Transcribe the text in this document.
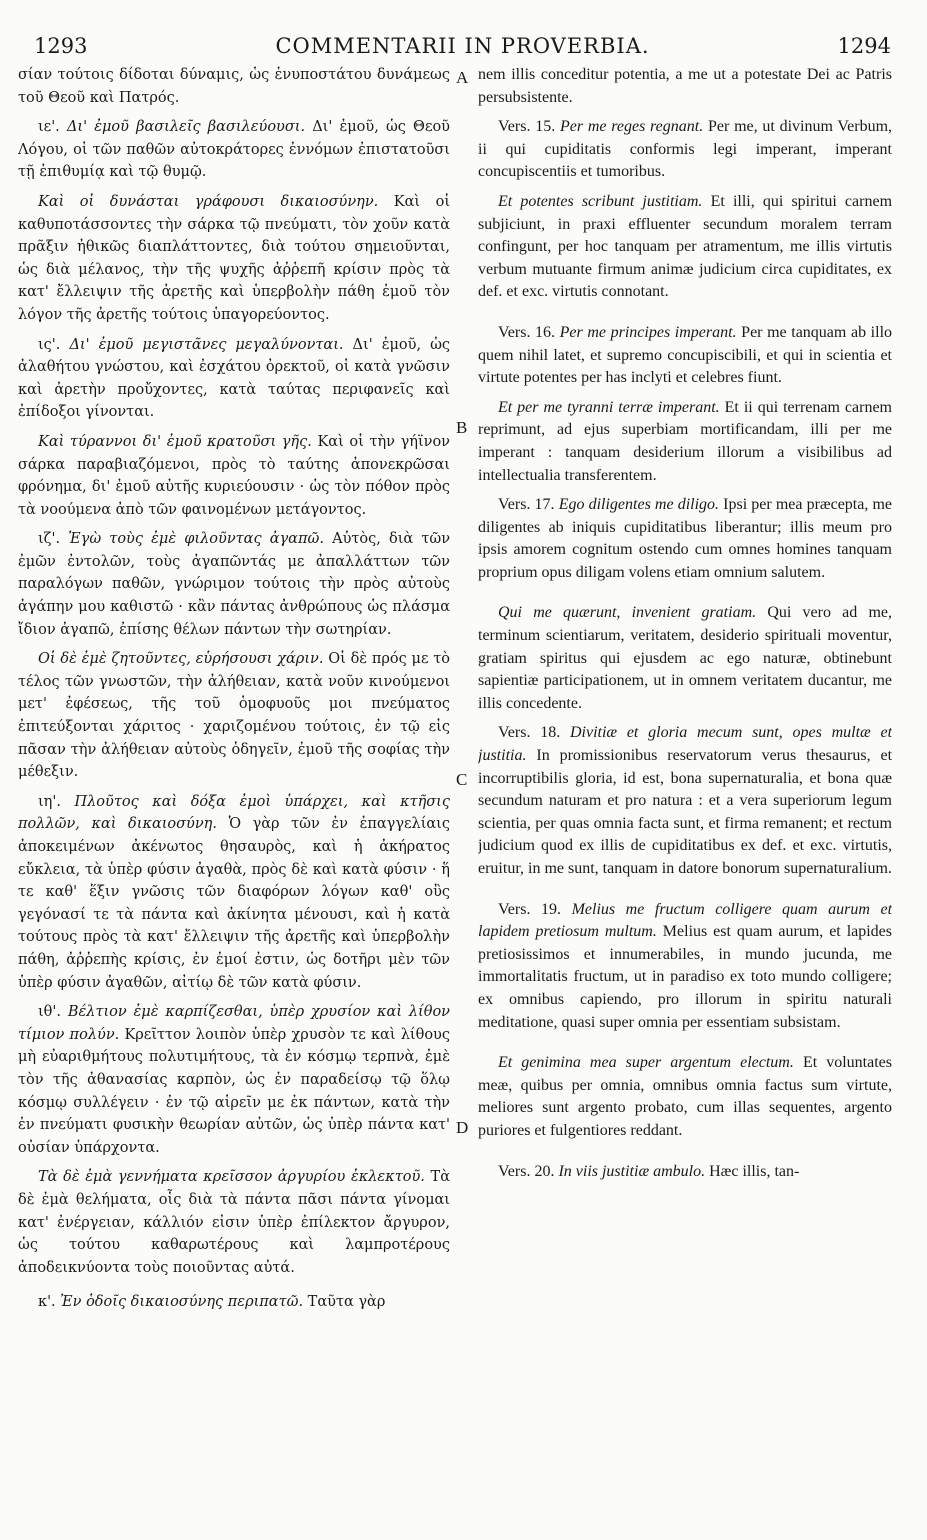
1293	COMMENTARII IN PROVERBIA.	1294
A
B
C
D

σίαν τούτοις δίδοται δύναμις, ὡς ἐνυποστάτου δυνάμεως τοῦ Θεοῦ καὶ Πατρός.

ιε'. Δι' ἐμοῦ βασιλεῖς βασιλεύουσι. Δι' ἐμοῦ, ὡς Θεοῦ Λόγου, οἱ τῶν παθῶν αὐτοκράτορες ἐννόμων ἐπιστατοῦσι τῇ ἐπιθυμίᾳ καὶ τῷ θυμῷ.

Καὶ οἱ δυνάσται γράφουσι δικαιοσύνην. Καὶ οἱ καθυποτάσσοντες τὴν σάρκα τῷ πνεύματι, τὸν χοῦν κατὰ πρᾶξιν ἠθικῶς διαπλάττοντες, διὰ τούτου σημειοῦνται, ὡς διὰ μέλανος, τὴν τῆς ψυχῆς ἀῤῥεπῆ κρίσιν πρὸς τὰ κατ' ἔλλειψιν τῆς ἀρετῆς καὶ ὑπερβολὴν πάθη ἐμοῦ τὸν λόγον τῆς ἀρετῆς τούτοις ὑπαγορεύοντος.

ις'. Δι' ἐμοῦ μεγιστᾶνες μεγαλύνονται. Δι' ἐμοῦ, ὡς ἀλαθήτου γνώστου, καὶ ἐσχάτου ὀρεκτοῦ, οἱ κατὰ γνῶσιν καὶ ἀρετὴν προὔχοντες, κατὰ ταύτας περιφανεῖς καὶ ἐπίδοξοι γίνονται.

Καὶ τύραννοι δι' ἐμοῦ κρατοῦσι γῆς. Καὶ οἱ τὴν γήϊνον σάρκα παραβιαζόμενοι, πρὸς τὸ ταύτης ἀπονεκρῶσαι φρόνημα, δι' ἐμοῦ αὐτῆς κυριεύουσιν · ὡς τὸν πόθον πρὸς τὰ νοούμενα ἀπὸ τῶν φαινομένων μετάγοντος.

ιζ'. Ἐγὼ τοὺς ἐμὲ φιλοῦντας ἀγαπῶ. Αὐτὸς, διὰ τῶν ἐμῶν ἐντολῶν, τοὺς ἀγαπῶντάς με ἀπαλλάττων τῶν παραλόγων παθῶν, γνώριμον τούτοις τὴν πρὸς αὐτοὺς ἀγάπην μου καθιστῶ · κἂν πάντας ἀνθρώπους ὡς πλάσμα ἴδιον ἀγαπῶ, ἐπίσης θέλων πάντων τὴν σωτηρίαν.

Οἱ δὲ ἐμὲ ζητοῦντες, εὑρήσουσι χάριν. Οἱ δὲ πρός με τὸ τέλος τῶν γνωστῶν, τὴν ἀλήθειαν, κατὰ νοῦν κινούμενοι μετ' ἐφέσεως, τῆς τοῦ ὁμοφυοῦς μοι πνεύματος ἐπιτεύξονται χάριτος · χαριζομένου τούτοις, ἐν τῷ εἰς πᾶσαν τὴν ἀλήθειαν αὐτοὺς ὁδηγεῖν, ἐμοῦ τῆς σοφίας τὴν μέθεξιν.

ιη'. Πλοῦτος καὶ δόξα ἐμοὶ ὑπάρχει, καὶ κτῆσις πολλῶν, καὶ δικαιοσύνη. Ὁ γὰρ τῶν ἐν ἐπαγγελίαις ἀποκειμένων ἀκένωτος θησαυρὸς, καὶ ἡ ἀκήρατος εὔκλεια, τὰ ὑπὲρ φύσιν ἀγαθὰ, πρὸς δὲ καὶ κατὰ φύσιν · ἥ τε καθ' ἕξιν γνῶσις τῶν διαφόρων λόγων καθ' οὓς γεγόνασί τε τὰ πάντα καὶ ἀκίνητα μένουσι, καὶ ἡ κατὰ τούτους πρὸς τὰ κατ' ἔλλειψιν τῆς ἀρετῆς καὶ ὑπερβολὴν πάθη, ἀῤῥεπὴς κρίσις, ἐν ἐμοί ἐστιν, ὡς δοτῆρι μὲν τῶν ὑπὲρ φύσιν ἀγαθῶν, αἰτίῳ δὲ τῶν κατὰ φύσιν.

ιθ'. Βέλτιον ἐμὲ καρπίζεσθαι, ὑπὲρ χρυσίον καὶ λίθον τίμιον πολύν. Κρεῖττον λοιπὸν ὑπὲρ χρυσὸν τε καὶ λίθους μὴ εὐαριθμήτους πολυτιμήτους, τὰ ἐν κόσμῳ τερπνὰ, ἐμὲ τὸν τῆς ἀθανασίας καρπὸν, ὡς ἐν παραδείσῳ τῷ ὅλῳ κόσμῳ συλλέγειν · ἐν τῷ αἱρεῖν με ἐκ πάντων, κατὰ τὴν ἐν πνεύματι φυσικὴν θεωρίαν αὐτῶν, ὡς ὑπὲρ πάντα κατ' οὐσίαν ὑπάρχοντα.

Τὰ δὲ ἐμὰ γεννήματα κρεῖσσον ἀργυρίου ἐκλεκτοῦ. Τὰ δὲ ἐμὰ θελήματα, οἷς διὰ τὰ πάντα πᾶσι πάντα γίνομαι κατ' ἐνέργειαν, κάλλιόν εἰσιν ὑπὲρ ἐπίλεκτον ἄργυρον, ὡς τούτου καθαρωτέρους καὶ λαμπροτέρους ἀποδεικνύοντα τοὺς ποιοῦντας αὐτά.

κ'. Ἐν ὁδοῖς δικαιοσύνης περιπατῶ. Ταῦτα γὰρ

nem illis conceditur potentia, a me ut a potestate Dei ac Patris persubsistente.

Vers. 15. Per me reges regnant. Per me, ut divinum Verbum, ii qui cupiditatis conformis legi imperant, imperant concupiscentiis et tumoribus.

Et potentes scribunt justitiam. Et illi, qui spiritui carnem subjiciunt, in praxi effluenter secundum moralem terram confingunt, per hoc tanquam per atramentum, me illis virtutis verbum mutuante firmum animæ judicium circa cupiditates, ex def. et exc. virtutis connotant.

Vers. 16. Per me principes imperant. Per me tanquam ab illo quem nihil latet, et supremo concupiscibili, et qui in scientia et virtute potentes per has inclyti et celebres fiunt.

Et per me tyranni terræ imperant. Et ii qui terrenam carnem reprimunt, ad ejus superbiam mortificandam, illi per me imperant : tanquam desiderium illorum a visibilibus ad intellectualia transferentem.

Vers. 17. Ego diligentes me diligo. Ipsi per mea præcepta, me diligentes ab iniquis cupiditatibus liberantur; illis meum pro ipsis amorem cognitum ostendo cum omnes homines tanquam proprium opus diligam volens etiam omnium salutem.

Qui me quærunt, invenient gratiam. Qui vero ad me, terminum scientiarum, veritatem, desiderio spirituali moventur, gratiam spiritus qui ejusdem ac ego naturæ, obtinebunt sapientiæ participationem, ut in omnem veritatem ducantur, me illis concedente.

Vers. 18. Divitiæ et gloria mecum sunt, opes multæ et justitia. In promissionibus reservatorum verus thesaurus, et incorruptibilis gloria, id est, bona supernaturalia, et bona quæ secundum naturam et pro natura : et a vera superiorum legum scientia, per quas omnia facta sunt, et firma remanent; et rectum judicium quod ex illis de cupiditatibus ex def. et exc. virtutis, eruitur, in me sunt, tanquam in datore bonorum supernaturalium.

Vers. 19. Melius me fructum colligere quam aurum et lapidem pretiosum multum. Melius est quam aurum, et lapides pretiosissimos et innumerabiles, in mundo jucunda, me immortalitatis fructum, ut in paradiso ex toto mundo colligere; ex omnibus capiendo, pro illorum in spiritu naturali meditatione, quasi super omnia per essentiam subsistam.

Et genimina mea super argentum electum. Et voluntates meæ, quibus per omnia, omnibus omnia factus sum virtute, meliores sunt argento probato, cum illas sequentes, argento puriores et fulgentiores reddant.

Vers. 20. In viis justitiæ ambulo. Hæc illis, tan-
